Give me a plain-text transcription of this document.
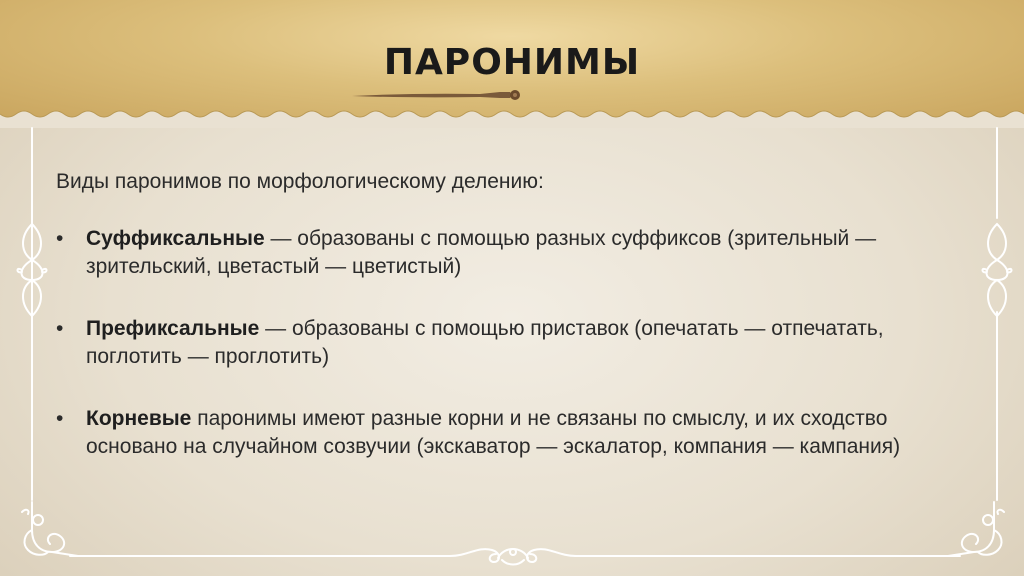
ПАРОНИМЫ

Виды паронимов по морфологическому делению:

•	Суффиксальные — образованы с помощью разных суффиксов (зрительный — зрительский, цветастый — цветистый)
•	Префиксальные — образованы с помощью приставок (опечатать — отпечатать, поглотить — проглотить)
•	Корневые паронимы имеют разные корни и не связаны по смыслу, и их сходство основано на случайном созвучии (экскаватор — эскалатор, компания — кампания)
